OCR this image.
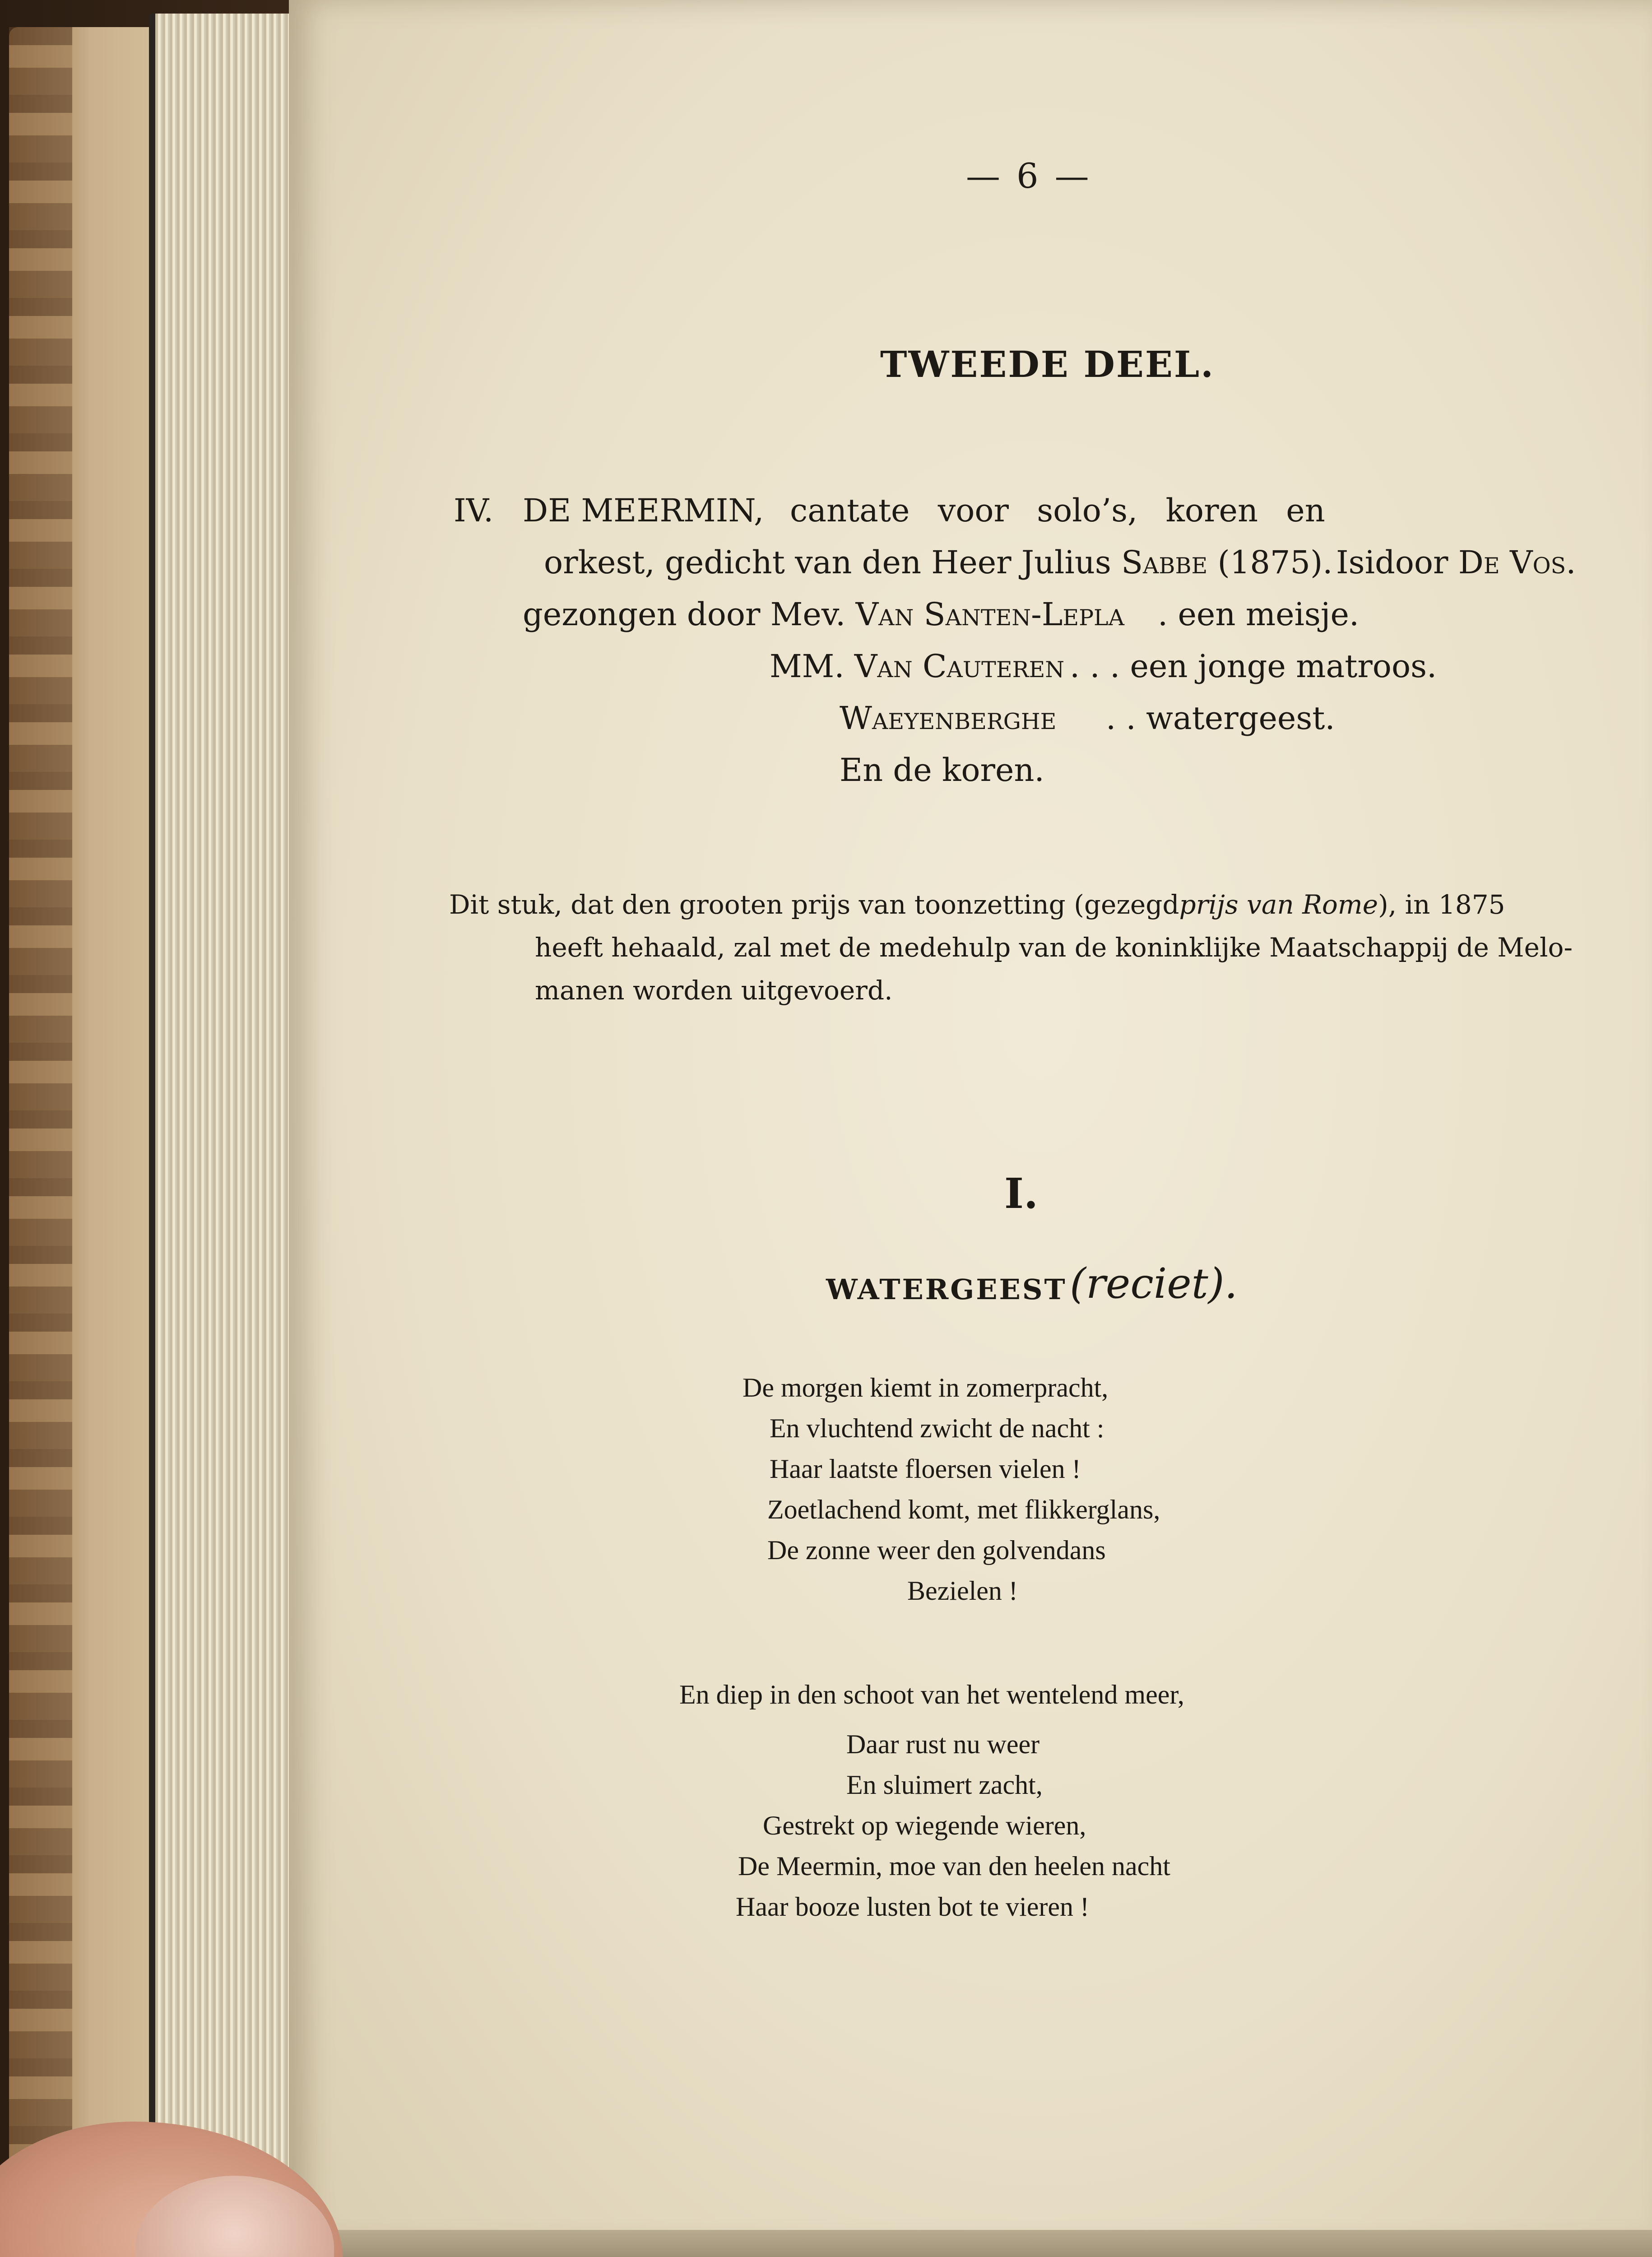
— 6 —
TWEEDE DEEL.
IV. DE MEERMIN, cantate voor solo’s, koren en
orkest, gedicht van den Heer Julius Sabbe (1875). Isidoor De Vos.
gezongen door Mev. Van Santen-Lepla . een meisje.
MM. Van Cauteren . . . een jonge matroos.
Waeyenberghe . . watergeest.
En de koren.
Dit stuk, dat den grooten prijs van toonzetting (gezegdprijs van Rome), in 1875
heeft hehaald, zal met de medehulp van de koninklijke Maatschappij de Melo-
manen worden uitgevoerd.
I.
WATERGEEST (reciet).
De morgen kiemt in zomerpracht,
En vluchtend zwicht de nacht :
Haar laatste floersen vielen !
Zoetlachend komt, met flikkerglans,
De zonne weer den golvendans
Bezielen !
En diep in den schoot van het wentelend meer,
Daar rust nu weer
En sluimert zacht,
Gestrekt op wiegende wieren,
De Meermin, moe van den heelen nacht
Haar booze lusten bot te vieren !
